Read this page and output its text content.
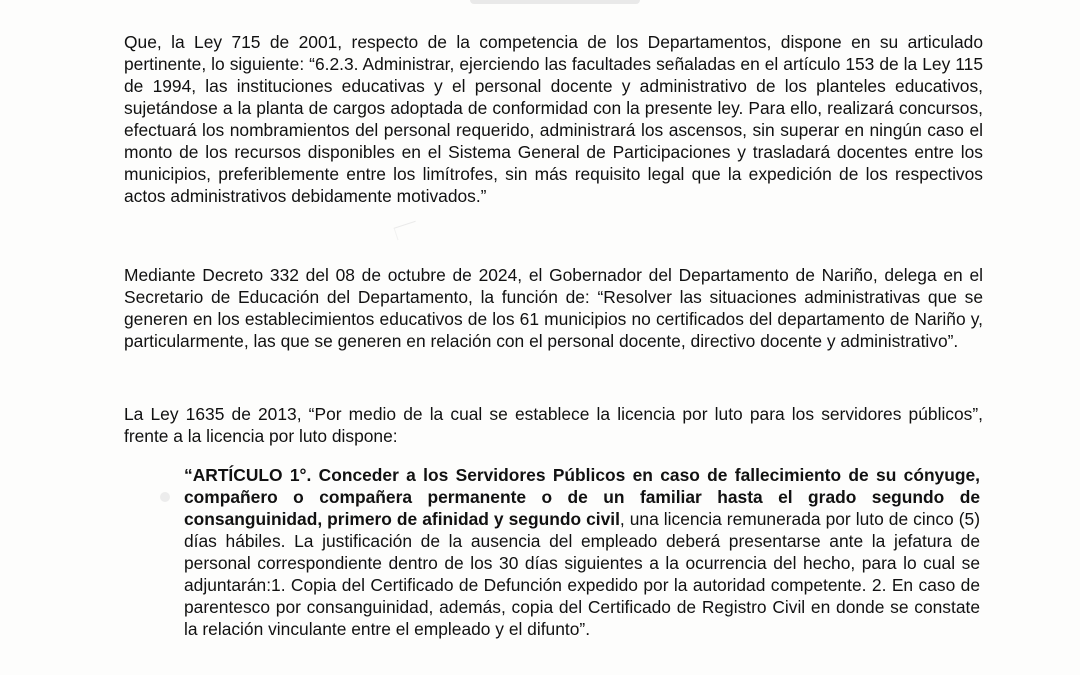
Que, la Ley 715 de 2001, respecto de la competencia de los Departamentos, dispone en su articulado pertinente, lo siguiente: “6.2.3. Administrar, ejerciendo las facultades señaladas en el artículo 153 de la Ley 115 de 1994, las instituciones educativas y el personal docente y administrativo de los planteles educativos, sujetándose a la planta de cargos adoptada de conformidad con la presente ley. Para ello, realizará concursos, efectuará los nombramientos del personal requerido, administrará los ascensos, sin superar en ningún caso el monto de los recursos disponibles en el Sistema General de Participaciones y trasladará docentes entre los municipios, preferiblemente entre los limítrofes, sin más requisito legal que la expedición de los respectivos actos administrativos debidamente motivados.”

Mediante Decreto 332 del 08 de octubre de 2024, el Gobernador del Departamento de Nariño, delega en el Secretario de Educación del Departamento, la función de: “Resolver las situaciones administrativas que se generen en los establecimientos educativos de los 61 municipios no certificados del departamento de Nariño y, particularmente, las que se generen en relación con el personal docente, directivo docente y administrativo”.

La Ley 1635 de 2013, “Por medio de la cual se establece la licencia por luto para los servidores públicos”, frente a la licencia por luto dispone:

“ARTÍCULO 1°. Conceder a los Servidores Públicos en caso de fallecimiento de su cónyuge, compañero o compañera permanente o de un familiar hasta el grado segundo de consanguinidad, primero de afinidad y segundo civil, una licencia remunerada por luto de cinco (5) días hábiles. La justificación de la ausencia del empleado deberá presentarse ante la jefatura de personal correspondiente dentro de los 30 días siguientes a la ocurrencia del hecho, para lo cual se adjuntarán:1. Copia del Certificado de Defunción expedido por la autoridad competente. 2. En caso de parentesco por consanguinidad, además, copia del Certificado de Registro Civil en donde se constate la relación vinculante entre el empleado y el difunto”.
